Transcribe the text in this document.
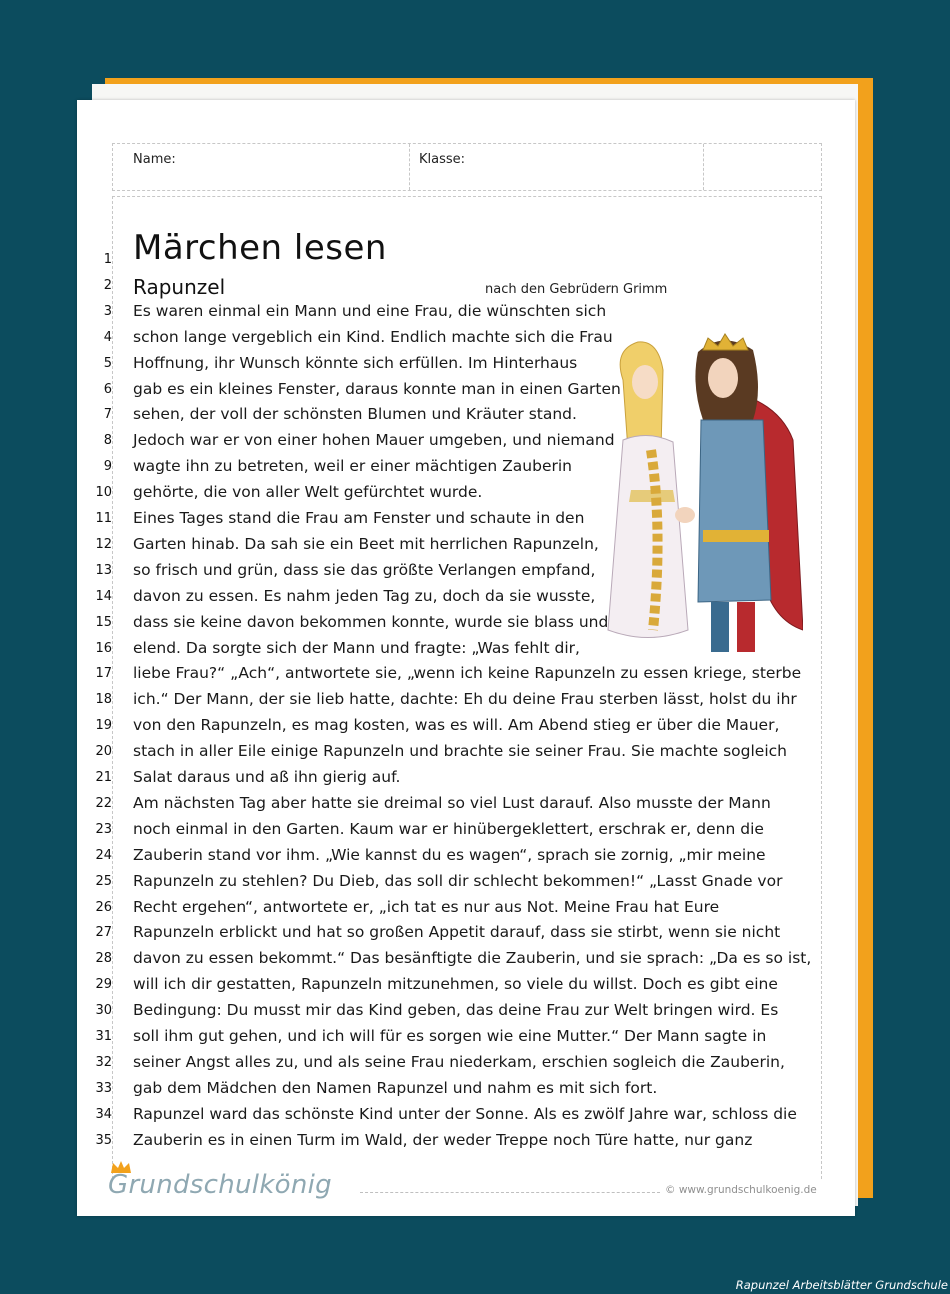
Name:	Klasse:
Märchen lesen
Rapunzel	nach den Gebrüdern Grimm
1
2
3 Es waren einmal ein Mann und eine Frau, die wünschten sich
4 schon lange vergeblich ein Kind. Endlich machte sich die Frau
5 Hoffnung, ihr Wunsch könnte sich erfüllen. Im Hinterhaus
6 gab es ein kleines Fenster, daraus konnte man in einen Garten
7 sehen, der voll der schönsten Blumen und Kräuter stand.
8 Jedoch war er von einer hohen Mauer umgeben, und niemand
9 wagte ihn zu betreten, weil er einer mächtigen Zauberin
10 gehörte, die von aller Welt gefürchtet wurde.
11 Eines Tages stand die Frau am Fenster und schaute in den
12 Garten hinab. Da sah sie ein Beet mit herrlichen Rapunzeln,
13 so frisch und grün, dass sie das größte Verlangen empfand,
14 davon zu essen. Es nahm jeden Tag zu, doch da sie wusste,
15 dass sie keine davon bekommen konnte, wurde sie blass und
16 elend. Da sorgte sich der Mann und fragte: „Was fehlt dir,
17 liebe Frau?“ „Ach“, antwortete sie, „wenn ich keine Rapunzeln zu essen kriege, sterbe
18 ich.“ Der Mann, der sie lieb hatte, dachte: Eh du deine Frau sterben lässt, holst du ihr
19 von den Rapunzeln, es mag kosten, was es will. Am Abend stieg er über die Mauer,
20 stach in aller Eile einige Rapunzeln und brachte sie seiner Frau. Sie machte sogleich
21 Salat daraus und aß ihn gierig auf.
22 Am nächsten Tag aber hatte sie dreimal so viel Lust darauf. Also musste der Mann
23 noch einmal in den Garten. Kaum war er hinübergeklettert, erschrak er, denn die
24 Zauberin stand vor ihm. „Wie kannst du es wagen“, sprach sie zornig, „mir meine
25 Rapunzeln zu stehlen? Du Dieb, das soll dir schlecht bekommen!“ „Lasst Gnade vor
26 Recht ergehen“, antwortete er, „ich tat es nur aus Not. Meine Frau hat Eure
27 Rapunzeln erblickt und hat so großen Appetit darauf, dass sie stirbt, wenn sie nicht
28 davon zu essen bekommt.“ Das besänftigte die Zauberin, und sie sprach: „Da es so ist,
29 will ich dir gestatten, Rapunzeln mitzunehmen, so viele du willst. Doch es gibt eine
30 Bedingung: Du musst mir das Kind geben, das deine Frau zur Welt bringen wird. Es
31 soll ihm gut gehen, und ich will für es sorgen wie eine Mutter.“ Der Mann sagte in
32 seiner Angst alles zu, und als seine Frau niederkam, erschien sogleich die Zauberin,
33 gab dem Mädchen den Namen Rapunzel und nahm es mit sich fort.
34 Rapunzel ward das schönste Kind unter der Sonne. Als es zwölf Jahre war, schloss die
35 Zauberin es in einen Turm im Wald, der weder Treppe noch Türe hatte, nur ganz
Grundschulkönig	© www.grundschulkoenig.de
Rapunzel Arbeitsblätter Grundschule
